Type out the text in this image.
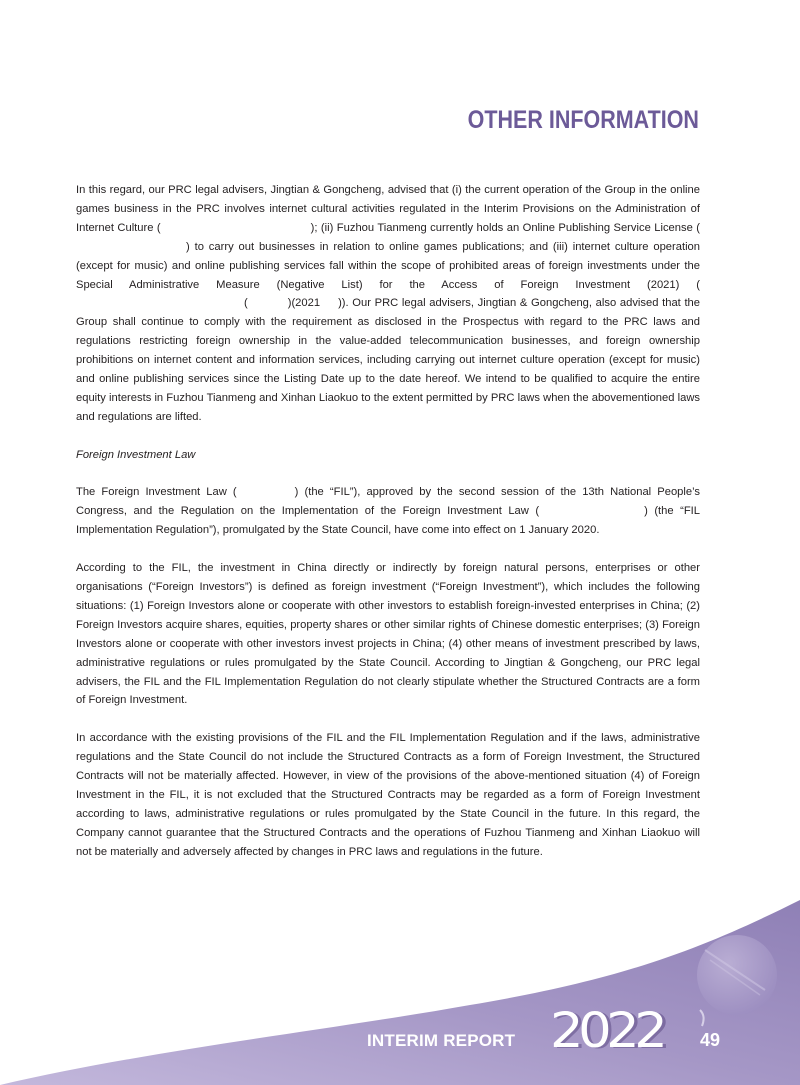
OTHER INFORMATION

In this regard, our PRC legal advisers, Jingtian & Gongcheng, advised that (i) the current operation of the Group in the online games business in the PRC involves internet cultural activities regulated in the Interim Provisions on the Administration of Internet Culture (	); (ii) Fuzhou Tianmeng currently holds an Online Publishing Service License () to carry out businesses in relation to online games publications; and (iii) internet culture operation (except for music) and online publishing services fall within the scope of prohibited areas of foreign investments under the Special Administrative Measure (Negative List) for the Access of Foreign Investment (2021) ((	)(2021 )). Our PRC legal advisers, Jingtian & Gongcheng, also advised that the Group shall continue to comply with the requirement as disclosed in the Prospectus with regard to the PRC laws and regulations restricting foreign ownership in the value-added telecommunication businesses, and foreign ownership prohibitions on internet content and information services, including carrying out internet culture operation (except for music) and online publishing services since the Listing Date up to the date hereof. We intend to be qualified to acquire the entire equity interests in Fuzhou Tianmeng and Xinhan Liaokuo to the extent permitted by PRC laws when the abovementioned laws and regulations are lifted.

Foreign Investment Law

The Foreign Investment Law (	) (the “FIL”), approved by the second session of the 13th National People’s Congress, and the Regulation on the Implementation of the Foreign Investment Law (	) (the “FIL Implementation Regulation”), promulgated by the State Council, have come into effect on 1 January 2020.

According to the FIL, the investment in China directly or indirectly by foreign natural persons, enterprises or other organisations (“Foreign Investors”) is defined as foreign investment (“Foreign Investment”), which includes the following situations: (1) Foreign Investors alone or cooperate with other investors to establish foreign-invested enterprises in China; (2) Foreign Investors acquire shares, equities, property shares or other similar rights of Chinese domestic enterprises; (3) Foreign Investors alone or cooperate with other investors invest projects in China; (4) other means of investment prescribed by laws, administrative regulations or rules promulgated by the State Council. According to Jingtian & Gongcheng, our PRC legal advisers, the FIL and the FIL Implementation Regulation do not clearly stipulate whether the Structured Contracts are a form of Foreign Investment.

In accordance with the existing provisions of the FIL and the FIL Implementation Regulation and if the laws, administrative regulations and the State Council do not include the Structured Contracts as a form of Foreign Investment, the Structured Contracts will not be materially affected. However, in view of the provisions of the above-mentioned situation (4) of Foreign Investment in the FIL, it is not excluded that the Structured Contracts may be regarded as a form of Foreign Investment according to laws, administrative regulations or rules promulgated by the State Council in the future. In this regard, the Company cannot guarantee that the Structured Contracts and the operations of Fuzhou Tianmeng and Xinhan Liaokuo will not be materially and adversely affected by changes in PRC laws and regulations in the future.

INTERIM REPORT 2022 49
